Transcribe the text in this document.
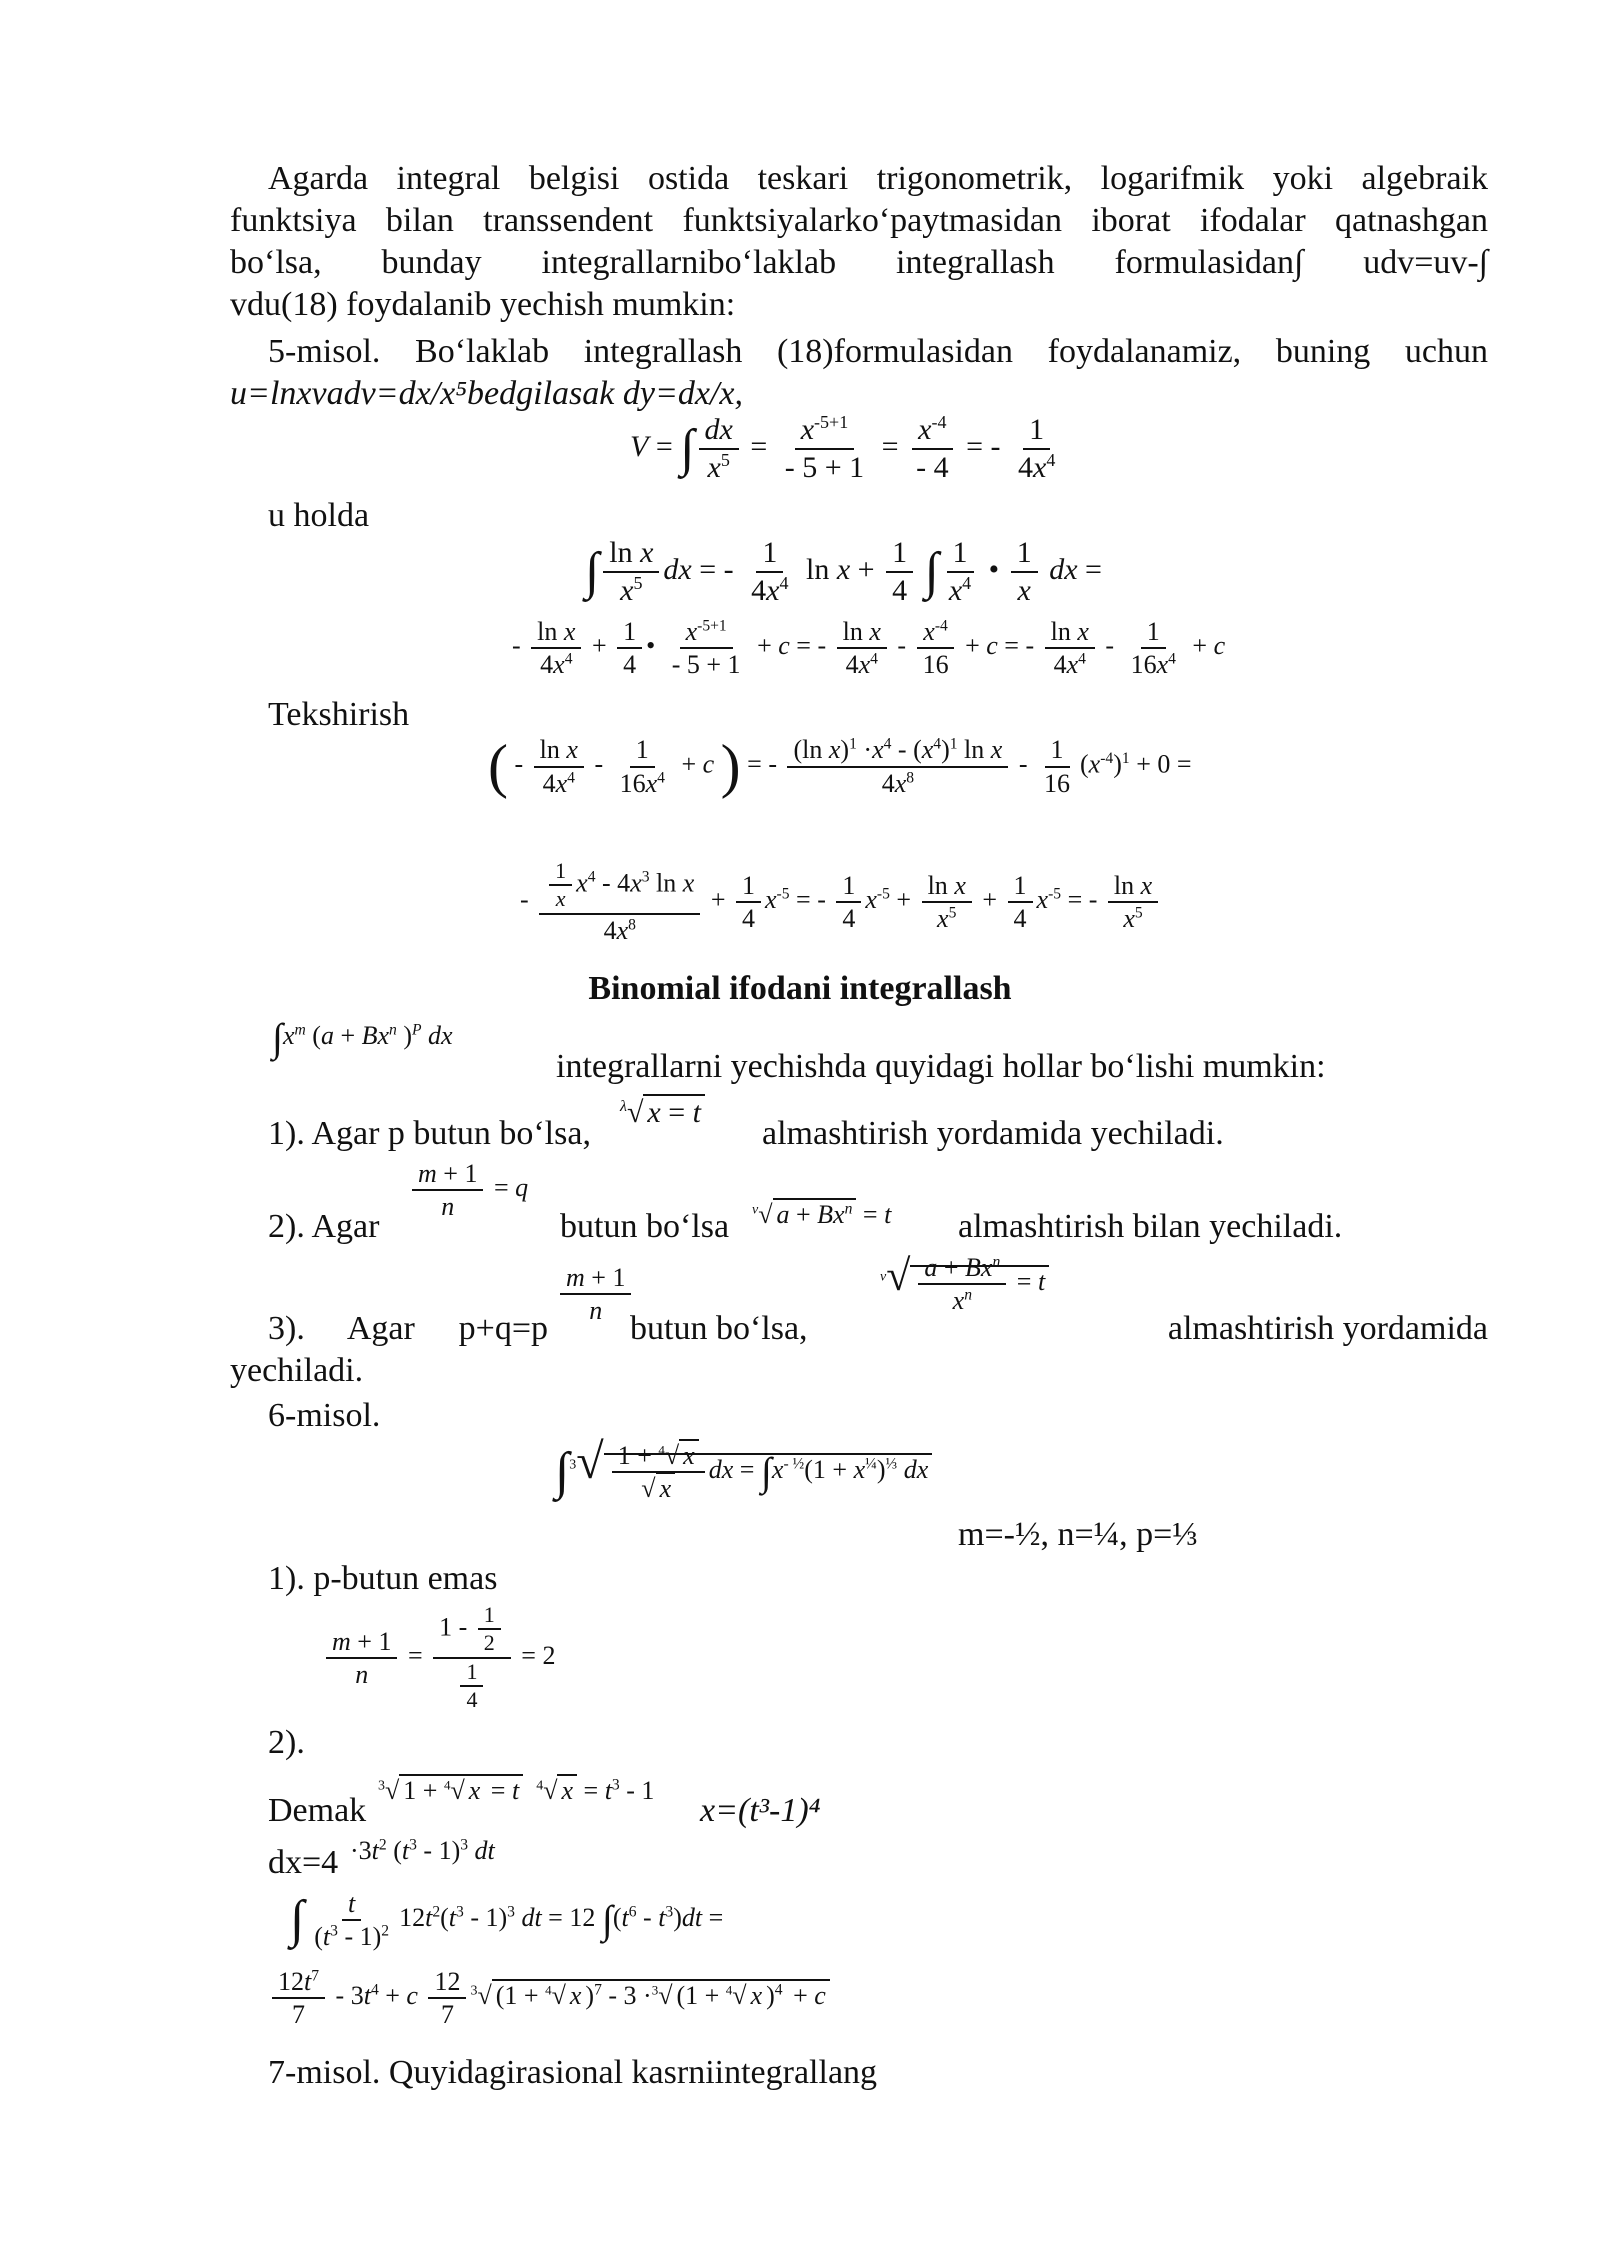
Agarda integral belgisi ostida teskari trigonometrik, logarifmik yoki algebraik
funktsiya bilan transsendent funktsiyalarko‘paytmasidan iborat ifodalar qatnashgan
bo‘lsa, bunday integrallarnibo‘laklab integrallash formulasidan∫ udv=uv-∫
vdu(18) foydalanib yechish mumkin:
5-misol. Bo‘laklab integrallash (18)formulasidan foydalanamiz, buning uchun
u=lnxvadv=dx/x⁵bedgilasak dy=dx/x,
V = ∫ $\frac{dx}{x^5} = \frac{x^{-5+1}}{- 5 + 1} = \frac{x^{-4}}{- 4}$ = - $\frac{1}{4x^4}$
u holda
∫ $\frac{\text{ln x}}{x^5}$ dx = - $\frac{1}{4x^4}$ $\ln x + \frac{1}{4}$ ∫ $\frac{1}{x^4}$ • $\frac{1}{x}$ dx =
- $\frac{\text{ln x}}{4x^4} + \frac{1}{4}$ • $\frac{x^{-5+1}}{- 5 + 1} + c$ = - $\frac{\text{ln x}}{4x^4} - \frac{x^{-4}}{16} + c$ = - $\frac{\text{ln x}}{4x^4} - \frac{1}{16x^4} + c$
Tekshirish
( - $\frac{\text{ln x}}{4x^4} - \frac{1}{16x^4} + c$ ) = - $\frac{(\ln x)^1 \cdot x^4 - (x^4)^1 \ln x}{4x^8} - \frac{1}{16} (x^{-4})^1 + 0$ =
- $\frac{\frac{1}{x} x^4 - 4x^3 \ln x}{4x^8} + \frac{1}{4} x^{-5}$ = - $\frac{1}{4} x^{-5} + \frac{\text{ln x}}{x^5} + \frac{1}{4} x^{-5}$ = - $\frac{\text{ln x}}{x^5}$
Binomial ifodani integrallash
$\int x^m$ ($a + Bx^n$ )$^P$ dx
integrallarni yechishda quyidagi hollar bo‘lishi mumkin:
1). Agar p butun bo‘lsa,
$^\lambda$√ x = t
almashtirish yordamida yechiladi.
$\frac{m + 1}{n} = q$
2). Agar	butun bo‘lsa $^\nu$√ $a + Bx^n = t$ almashtirish bilan yechiladi.
3). Agar p+q=p
$\frac{m + 1}{n}$
butun bo‘lsa,
$^\nu√ \frac{a + Bx^n}{x^n} = t$
almashtirish yordamida
yechiladi.
6-misol.
$\int^3√ \frac{1 + ^4√ x}{√ x}$ dx = $\int x^{- \frac{1}{2}}(1 + x^{\frac{1}{4}})^{\frac{1}{3}}$ dx
m=-½, n=¼, p=⅓
1). p-butun emas
$\frac{m + 1}{n} = \frac{1 - \frac{1}{2}}{\frac{1}{4}} = 2$
2).
Demak
$^3$√ 1 + $^4$√ x = t $^4$√ $x = t^3 - 1$
x=(t³-1)⁴
$dx=4 \cdot 3t^2$ $(t^3 - 1)^3$ dt
∫ $\frac{t}{(t^3 - 1)^2} 12t^2(t^3 - 1)^3$ dt = 12 $\int(t^6 - t^3)dt$ =
$\frac{12t^7}{7} - 3t^4 + c \frac{12}{7} ^3√$ (1 + $^4$√ x )$^7$ - 3 ·$^3$√ (1 + $^4$√ x )$^4$ + c
7-misol. Quyidagirasional kasrniintegrallang
